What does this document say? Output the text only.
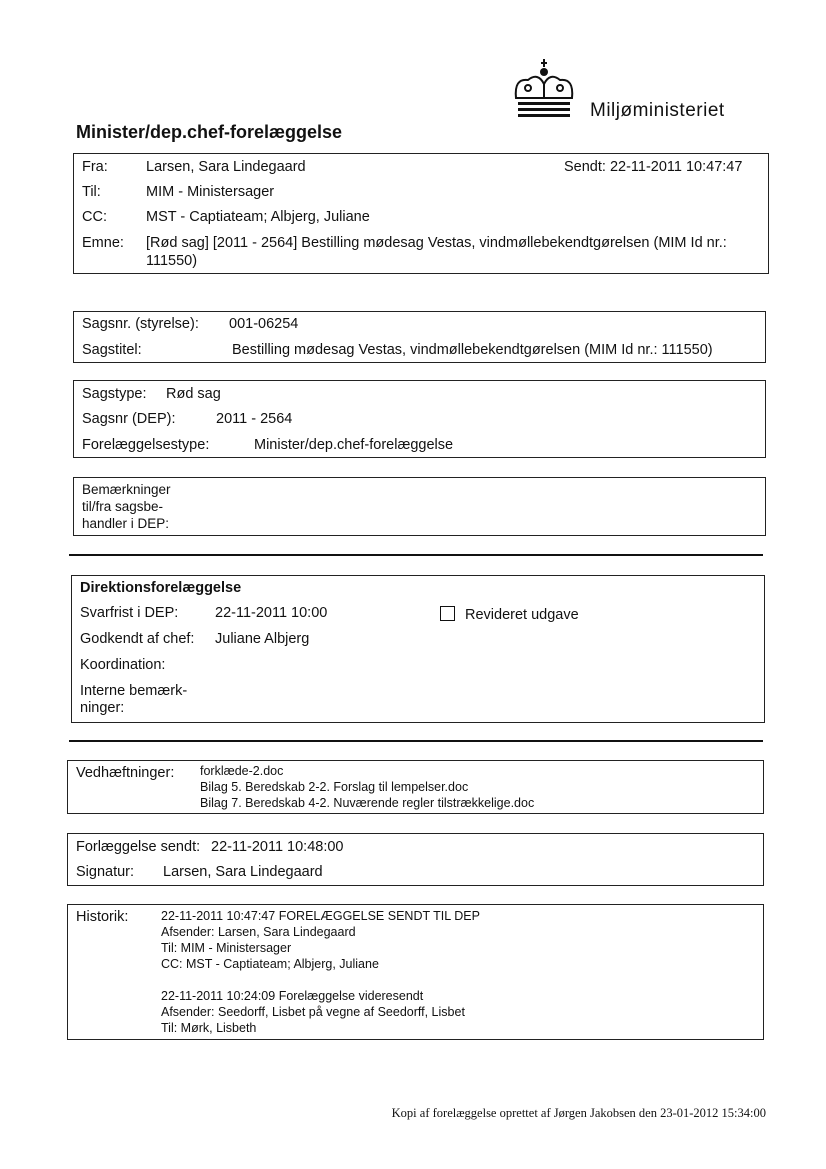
Miljøministeriet
Minister/dep.chef-forelæggelse
Fra:	Larsen, Sara Lindegaard	Sendt: 22-11-2011 10:47:47
Til:	MIM - Ministersager
CC:	MST - Captiateam; Albjerg, Juliane
Emne: [Rød sag] [2011 - 2564] Bestilling mødesag Vestas, vindmøllebekendtgørelsen (MIM Id nr.:
111550)
Sagsnr. (styrelse): 001-06254
Sagstitel:	Bestilling mødesag Vestas, vindmøllebekendtgørelsen (MIM Id nr.: 111550)
Sagstype: Rød sag
Sagsnr (DEP):	2011 - 2564
Forelæggelsestype:	Minister/dep.chef-forelæggelse
Bemærkninger
til/fra sagsbe-
handler i DEP:
Direktionsforelæggelse
Svarfrist i DEP:	22-11-2011 10:00	Revideret udgave
Godkendt af chef: Juliane Albjerg
Koordination:
Interne bemærk-
ninger:
Vedhæftninger: forklæde-2.doc
Bilag 5. Beredskab 2-2. Forslag til lempelser.doc
Bilag 7. Beredskab 4-2. Nuværende regler tilstrækkelige.doc
Forlæggelse sendt: 22-11-2011 10:48:00
Signatur: Larsen, Sara Lindegaard
Historik:	22-11-2011 10:47:47 FORELÆGGELSE SENDT TIL DEP
Afsender: Larsen, Sara Lindegaard
Til: MIM - Ministersager
CC: MST - Captiateam; Albjerg, Juliane
22-11-2011 10:24:09 Forelæggelse videresendt
Afsender: Seedorff, Lisbet på vegne af Seedorff, Lisbet
Til: Mørk, Lisbeth
Kopi af forelæggelse oprettet af Jørgen Jakobsen den 23-01-2012 15:34:00
